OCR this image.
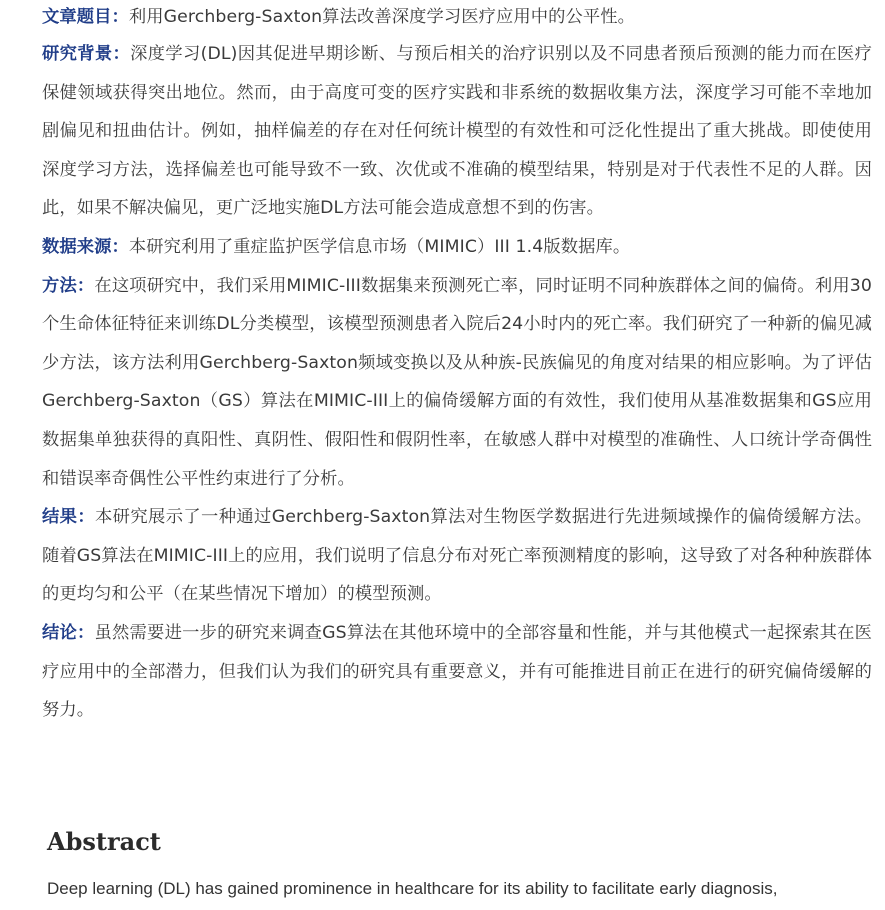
文章题目：利用Gerchberg-Saxton算法改善深度学习医疗应用中的公平性。

研究背景：深度学习(DL)因其促进早期诊断、与预后相关的治疗识别以及不同患者预后预测的能力而在医疗保健领域获得突出地位。然而，由于高度可变的医疗实践和非系统的数据收集方法，深度学习可能不幸地加剧偏见和扭曲估计。例如，抽样偏差的存在对任何统计模型的有效性和可泛化性提出了重大挑战。即使使用深度学习方法，选择偏差也可能导致不一致、次优或不准确的模型结果，特别是对于代表性不足的人群。因此，如果不解决偏见，更广泛地实施DL方法可能会造成意想不到的伤害。

数据来源：本研究利用了重症监护医学信息市场（MIMIC）III 1.4版数据库。

方法：在这项研究中，我们采用MIMIC-III数据集来预测死亡率，同时证明不同种族群体之间的偏倚。利用30个生命体征特征来训练DL分类模型，该模型预测患者入院后24小时内的死亡率。我们研究了一种新的偏见减少方法，该方法利用Gerchberg-Saxton频域变换以及从种族-民族偏见的角度对结果的相应影响。为了评估Gerchberg-Saxton（GS）算法在MIMIC-III上的偏倚缓解方面的有效性，我们使用从基准数据集和GS应用数据集单独获得的真阳性、真阴性、假阳性和假阴性率，在敏感人群中对模型的准确性、人口统计学奇偶性和错误率奇偶性公平性约束进行了分析。

结果：本研究展示了一种通过Gerchberg-Saxton算法对生物医学数据进行先进频域操作的偏倚缓解方法。随着GS算法在MIMIC-III上的应用，我们说明了信息分布对死亡率预测精度的影响，这导致了对各种种族群体的更均匀和公平（在某些情况下增加）的模型预测。

结论：虽然需要进一步的研究来调查GS算法在其他环境中的全部容量和性能，并与其他模式一起探索其在医疗应用中的全部潜力，但我们认为我们的研究具有重要意义，并有可能推进目前正在进行的研究偏倚缓解的努力。

Abstract

Deep learning (DL) has gained prominence in healthcare for its ability to facilitate early diagnosis,
